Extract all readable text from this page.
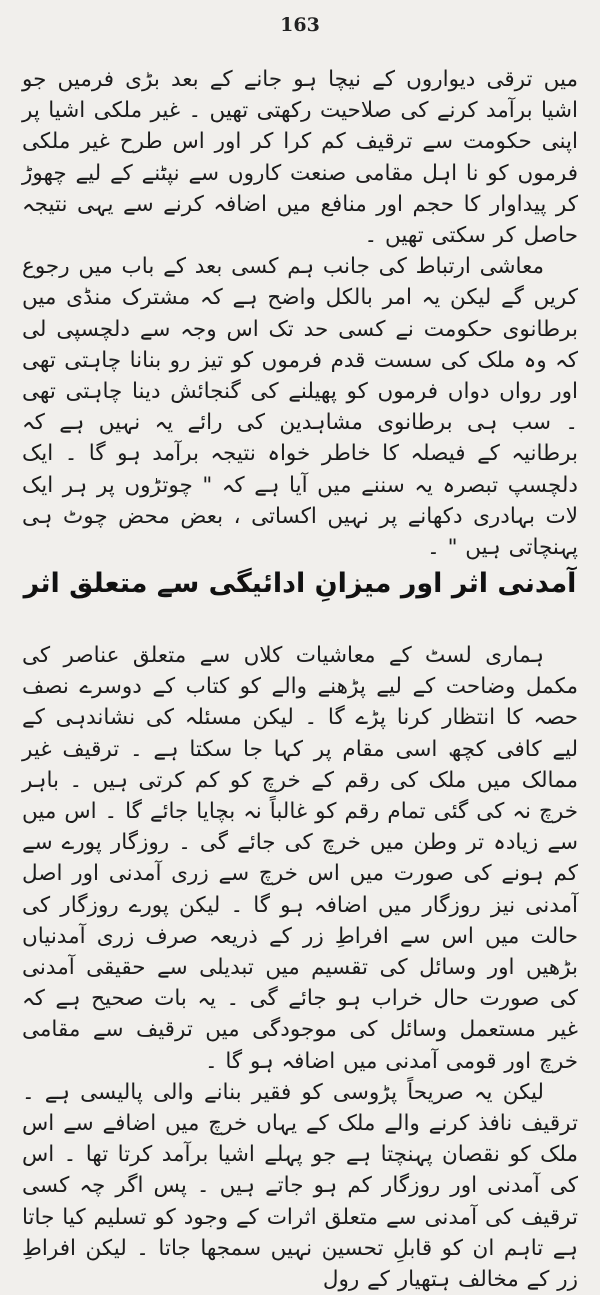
163

میں ترقی دیواروں کے نیچا ہو جانے کے بعد بڑی فرمیں جو اشیا برآمد کرنے کی صلاحیت رکھتی تھیں ۔ غیر ملکی اشیا پر اپنی حکومت سے ترقیف کم کرا کر اور اس طرح غیر ملکی فرموں کو نا اہل مقامی صنعت کاروں سے نپٹنے کے لیے چھوڑ کر پیداوار کا حجم اور منافع میں اضافہ کرنے سے یہی نتیجہ حاصل کر سکتی تھیں ۔

معاشی ارتباط کی جانب ہم کسی بعد کے باب میں رجوع کریں گے لیکن یہ امر بالکل واضح ہے کہ مشترک منڈی میں برطانوی حکومت نے کسی حد تک اس وجہ سے دلچسپی لی کہ وہ ملک کی سست قدم فرموں کو تیز رو بنانا چاہتی تھی اور رواں دواں فرموں کو پھیلنے کی گنجائش دینا چاہتی تھی ۔ سب ہی برطانوی مشاہدین کی رائے یہ نہیں ہے کہ برطانیہ کے فیصلہ کا خاطر خواہ نتیجہ برآمد ہو گا ۔ ایک دلچسپ تبصرہ یہ سننے میں آیا ہے کہ " چوتڑوں پر ہر ایک لات بہادری دکھانے پر نہیں اکساتی ، بعض محض چوٹ ہی پہنچاتی ہیں " ۔

آمدنی اثر اور میزانِ ادائیگی سے متعلق اثر

ہماری لسٹ کے معاشیات کلاں سے متعلق عناصر کی مکمل وضاحت کے لیے پڑھنے والے کو کتاب کے دوسرے نصف حصہ کا انتظار کرنا پڑے گا ۔ لیکن مسئلہ کی نشاندہی کے لیے کافی کچھ اسی مقام پر کہا جا سکتا ہے ۔ ترقیف غیر ممالک میں ملک کی رقم کے خرچ کو کم کرتی ہیں ۔ باہر خرچ نہ کی گئی تمام رقم کو غالباً نہ بچایا جائے گا ۔ اس میں سے زیادہ تر وطن میں خرچ کی جائے گی ۔ روزگار پورے سے کم ہونے کی صورت میں اس خرچ سے زری آمدنی اور اصل آمدنی نیز روزگار میں اضافہ ہو گا ۔ لیکن پورے روزگار کی حالت میں اس سے افراطِ زر کے ذریعہ صرف زری آمدنیاں بڑھیں اور وسائل کی تقسیم میں تبدیلی سے حقیقی آمدنی کی صورت حال خراب ہو جائے گی ۔ یہ بات صحیح ہے کہ غیر مستعمل وسائل کی موجودگی میں ترقیف سے مقامی خرچ اور قومی آمدنی میں اضافہ ہو گا ۔

لیکن یہ صریحاً پڑوسی کو فقیر بنانے والی پالیسی ہے ۔ ترقیف نافذ کرنے والے ملک کے یہاں خرچ میں اضافے سے اس ملک کو نقصان پہنچتا ہے جو پہلے اشیا برآمد کرتا تھا ۔ اس کی آمدنی اور روزگار کم ہو جاتے ہیں ۔ پس اگر چہ کسی ترقیف کی آمدنی سے متعلق اثرات کے وجود کو تسلیم کیا جاتا ہے تاہم ان کو قابلِ تحسین نہیں سمجھا جاتا ۔ لیکن افراطِ زر کے مخالف ہتھیار کے رول
